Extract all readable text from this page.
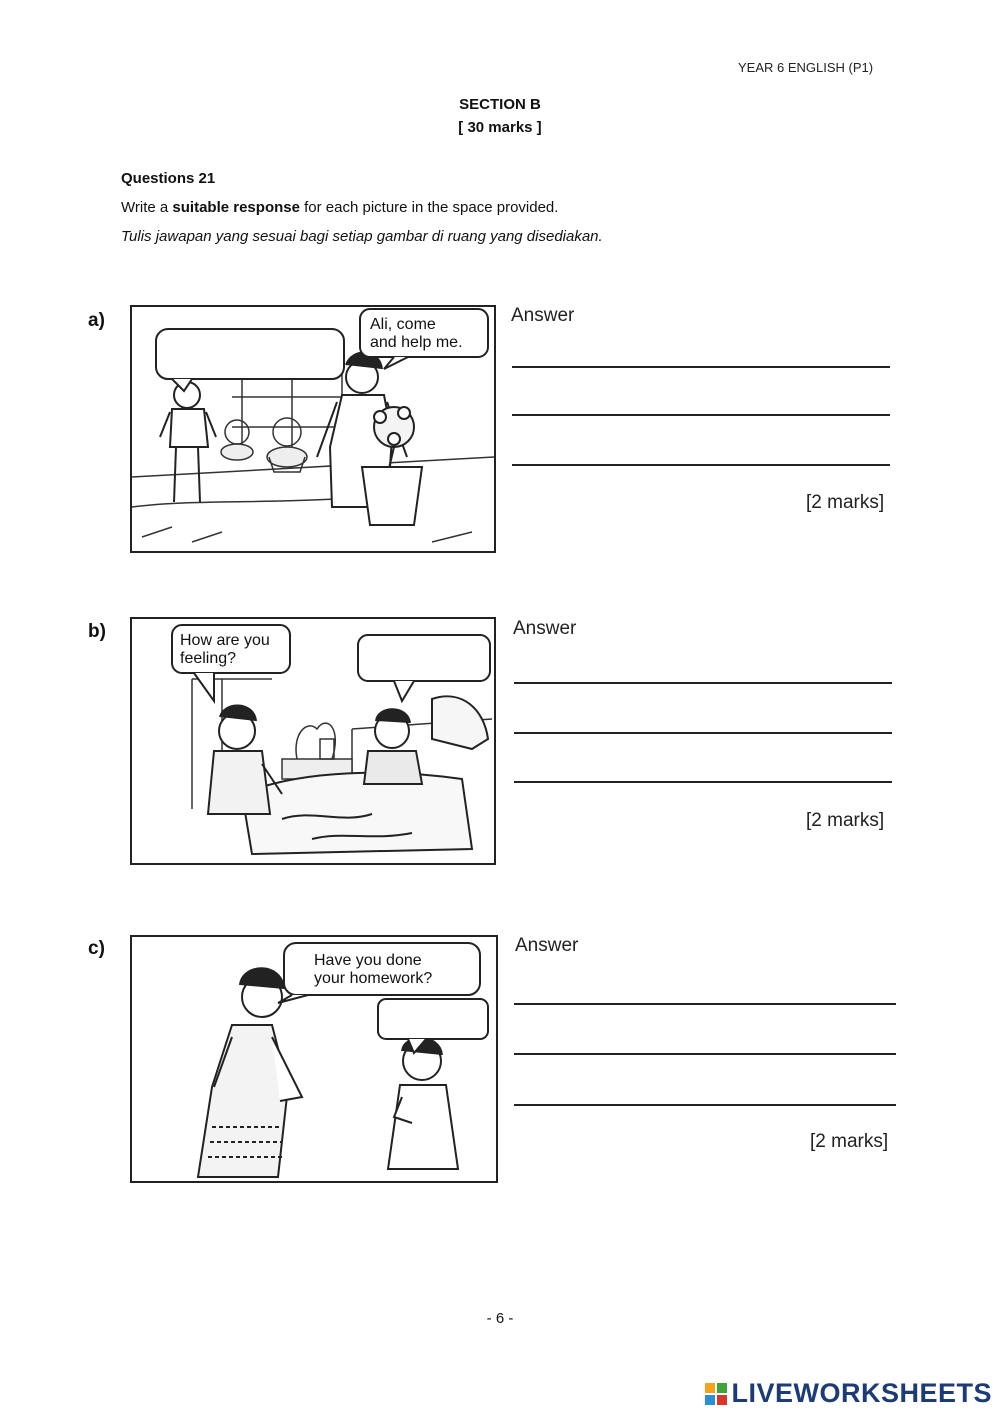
YEAR 6 ENGLISH (P1)
SECTION B
[ 30 marks ]
Questions 21
Write a suitable response for each picture in the space provided.
Tulis jawapan yang sesuai bagi setiap gambar di ruang yang disediakan.
a)	Ali, come
and help me.
Answer
[2 marks]
b)	How are you
feeling?
Answer
[2 marks]
c)
Have you done
your homework?
Answer
[2 marks]
- 6 -
LIVEWORKSHEETS
